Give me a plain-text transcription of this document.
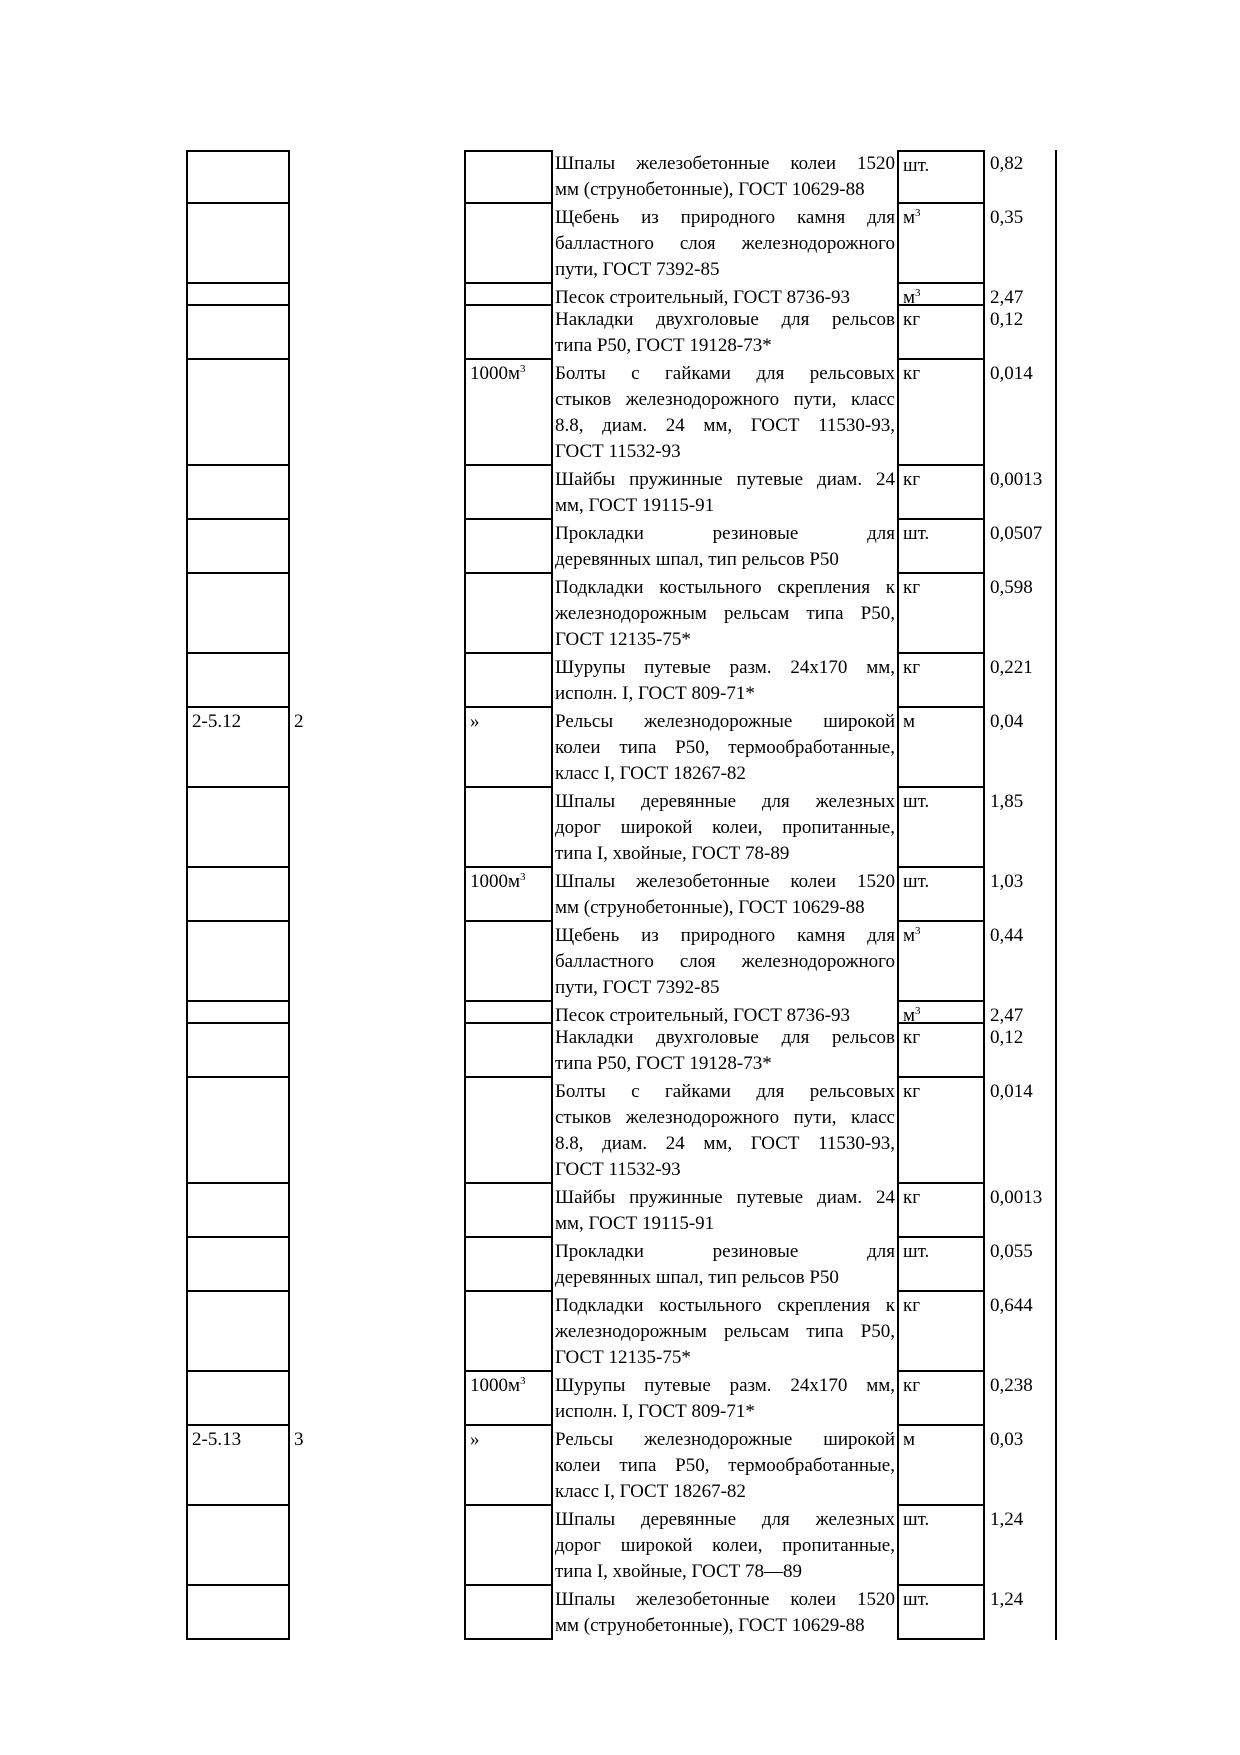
Шпалы железобетонные колеи 1520
мм (струнобетонные), ГОСТ 10629-88
шт.	0,82
Щебень из природного камня для
балластного слоя железнодорожного
пути, ГОСТ 7392-85
$м^3$	0,35
Песок строительный, ГОСТ 8736-93	$м^3$	2,47
Накладки двухголовые для рельсов
типа Р50, ГОСТ 19128-73*
кг	0,12
$1000м^3$	Болты с гайками для рельсовых
стыков железнодорожного пути, класс
8.8, диам. 24 мм, ГОСТ 11530-93,
ГОСТ 11532-93
кг	0,014
Шайбы пружинные путевые диам. 24
мм, ГОСТ 19115-91
кг	0,0013
Прокладки резиновые для
деревянных шпал, тип рельсов Р50
шт.	0,0507
Подкладки костыльного скрепления к
железнодорожным рельсам типа Р50,
ГОСТ 12135-75*
кг	0,598
Шурупы путевые разм. 24х170 мм,
исполн. I, ГОСТ 809-71*
кг	0,221
2-5.12	2	»	Рельсы железнодорожные широкой
колеи типа Р50, термообработанные,
класс I, ГОСТ 18267-82
м	0,04
Шпалы деревянные для железных
дорог широкой колеи, пропитанные,
типа I, хвойные, ГОСТ 78-89
шт.	1,85
$1000м^3$	Шпалы железобетонные колеи 1520
мм (струнобетонные), ГОСТ 10629-88
шт.	1,03
Щебень из природного камня для
балластного слоя железнодорожного
пути, ГОСТ 7392-85
$м^3$	0,44
Песок строительный, ГОСТ 8736-93	$м^3$	2,47
Накладки двухголовые для рельсов
типа Р50, ГОСТ 19128-73*
кг	0,12
Болты с гайками для рельсовых
стыков железнодорожного пути, класс
8.8, диам. 24 мм, ГОСТ 11530-93,
ГОСТ 11532-93
кг	0,014
Шайбы пружинные путевые диам. 24
мм, ГОСТ 19115-91
кг	0,0013
Прокладки резиновые для
деревянных шпал, тип рельсов Р50
шт.	0,055
Подкладки костыльного скрепления к
железнодорожным рельсам типа Р50,
ГОСТ 12135-75*
кг	0,644
$1000м^3$	Шурупы путевые разм. 24х170 мм,
исполн. I, ГОСТ 809-71*
кг	0,238
2-5.13	3	»	Рельсы железнодорожные широкой
колеи типа Р50, термообработанные,
класс I, ГОСТ 18267-82
м	0,03
Шпалы деревянные для железных
дорог широкой колеи, пропитанные,
типа I, хвойные, ГОСТ 78—89
шт.	1,24
Шпалы железобетонные колеи 1520
мм (струнобетонные), ГОСТ 10629-88
шт.	1,24
